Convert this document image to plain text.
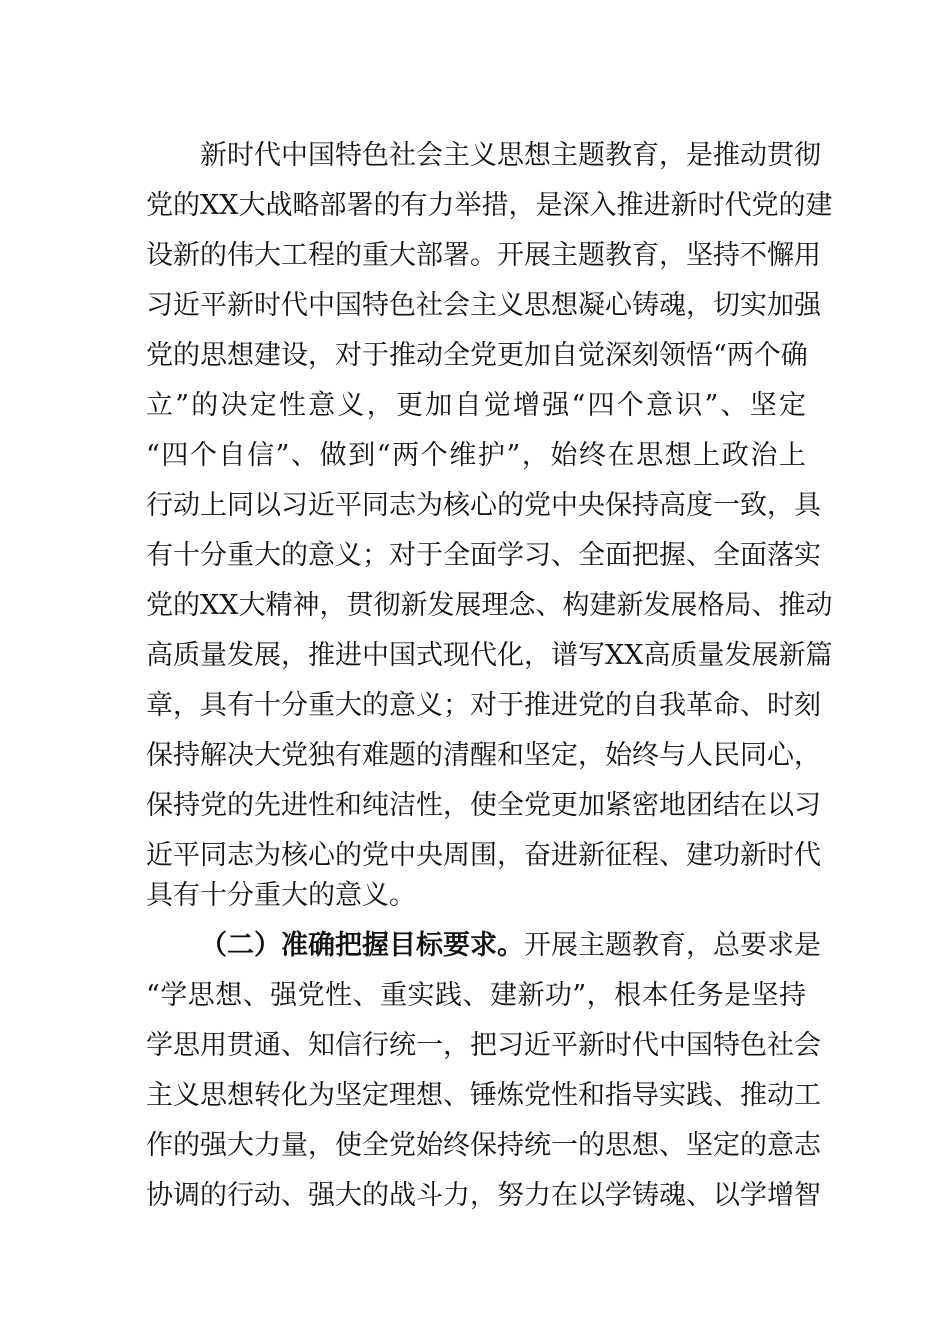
新时代中国特色社会主义思想主题教育，是推动贯彻
党的XX大战略部署的有力举措，是深入推进新时代党的建
设新的伟大工程的重大部署。开展主题教育，坚持不懈用
习近平新时代中国特色社会主义思想凝心铸魂，切实加强
党的思想建设，对于推动全党更加自觉深刻领悟“两个确
立”的决定性意义，更加自觉增强“四个意识”、坚定
“四个自信”、做到“两个维护”，始终在思想上政治上
行动上同以习近平同志为核心的党中央保持高度一致，具
有十分重大的意义；对于全面学习、全面把握、全面落实
党的XX大精神，贯彻新发展理念、构建新发展格局、推动
高质量发展，推进中国式现代化，谱写XX高质量发展新篇
章，具有十分重大的意义；对于推进党的自我革命、时刻
保持解决大党独有难题的清醒和坚定，始终与人民同心，
保持党的先进性和纯洁性，使全党更加紧密地团结在以习
近平同志为核心的党中央周围，奋进新征程、建功新时代
具有十分重大的意义。
（二）准确把握目标要求。开展主题教育，总要求是
“学思想、强党性、重实践、建新功”，根本任务是坚持
学思用贯通、知信行统一，把习近平新时代中国特色社会
主义思想转化为坚定理想、锤炼党性和指导实践、推动工
作的强大力量，使全党始终保持统一的思想、坚定的意志
协调的行动、强大的战斗力，努力在以学铸魂、以学增智
